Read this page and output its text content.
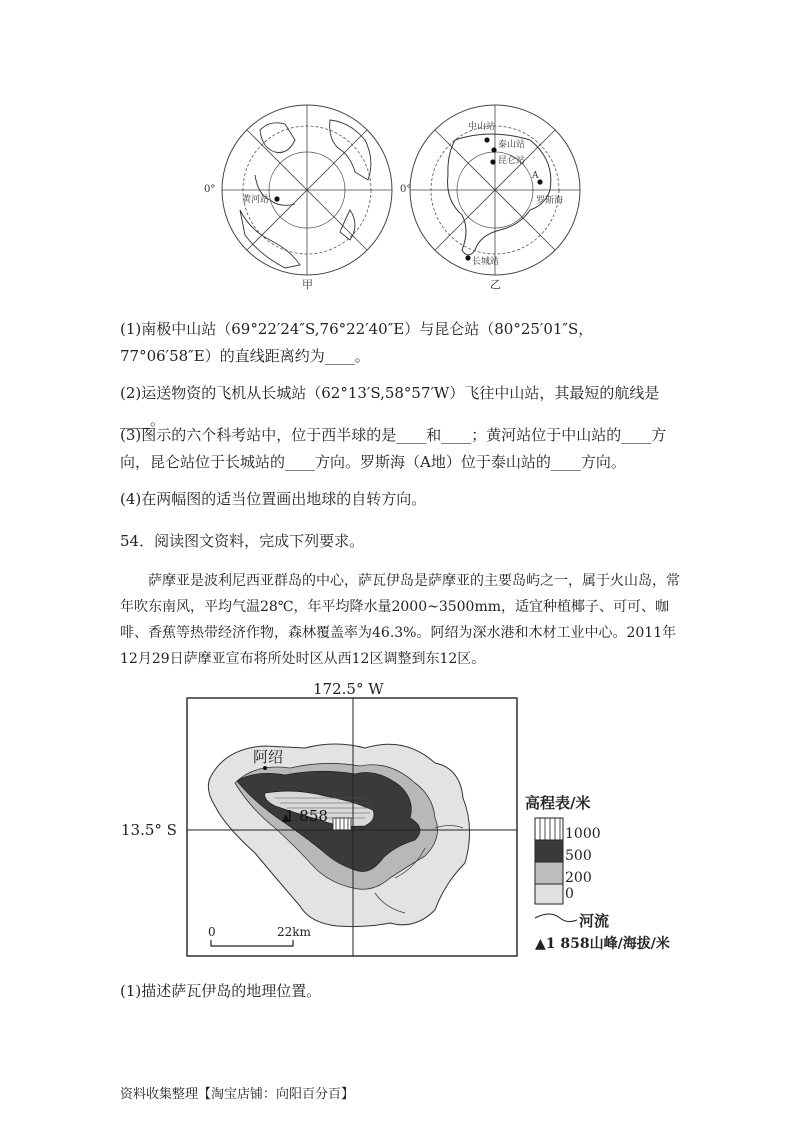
黄河站
0°
甲
中山站
泰山站
昆仑站
A
罗斯海
长城站
0°
乙
(1)南极中山站（69°22′24″S,76°22′40″E）与昆仑站（80°25′01″S，77°06′58″E）的直线距离约为____。
(2)运送物资的飞机从长城站（62°13′S,58°57′W）飞往中山站，其最短的航线是____。
(3)图示的六个科考站中，位于西半球的是____和____；黄河站位于中山站的____方向，昆仑站位于长城站的____方向。罗斯海（A地）位于泰山站的____方向。
(4)在两幅图的适当位置画出地球的自转方向。
54．阅读图文资料，完成下列要求。
萨摩亚是波利尼西亚群岛的中心，萨瓦伊岛是萨摩亚的主要岛屿之一，属于火山岛，常年吹东南风，平均气温28℃，年平均降水量2000~3500mm，适宜种植椰子、可可、咖啡、香蕉等热带经济作物，森林覆盖率为46.3%。阿绍为深水港和木材工业中心。2011年12月29日萨摩亚宣布将所处时区从西12区调整到东12区。
阿绍
1 858
172.5° W
13.5° S
0	22km
高程表/米
1000
500
200
0
河流
▲1 858山峰/海拔/米
(1)描述萨瓦伊岛的地理位置。
资料收集整理【淘宝店铺：向阳百分百】
